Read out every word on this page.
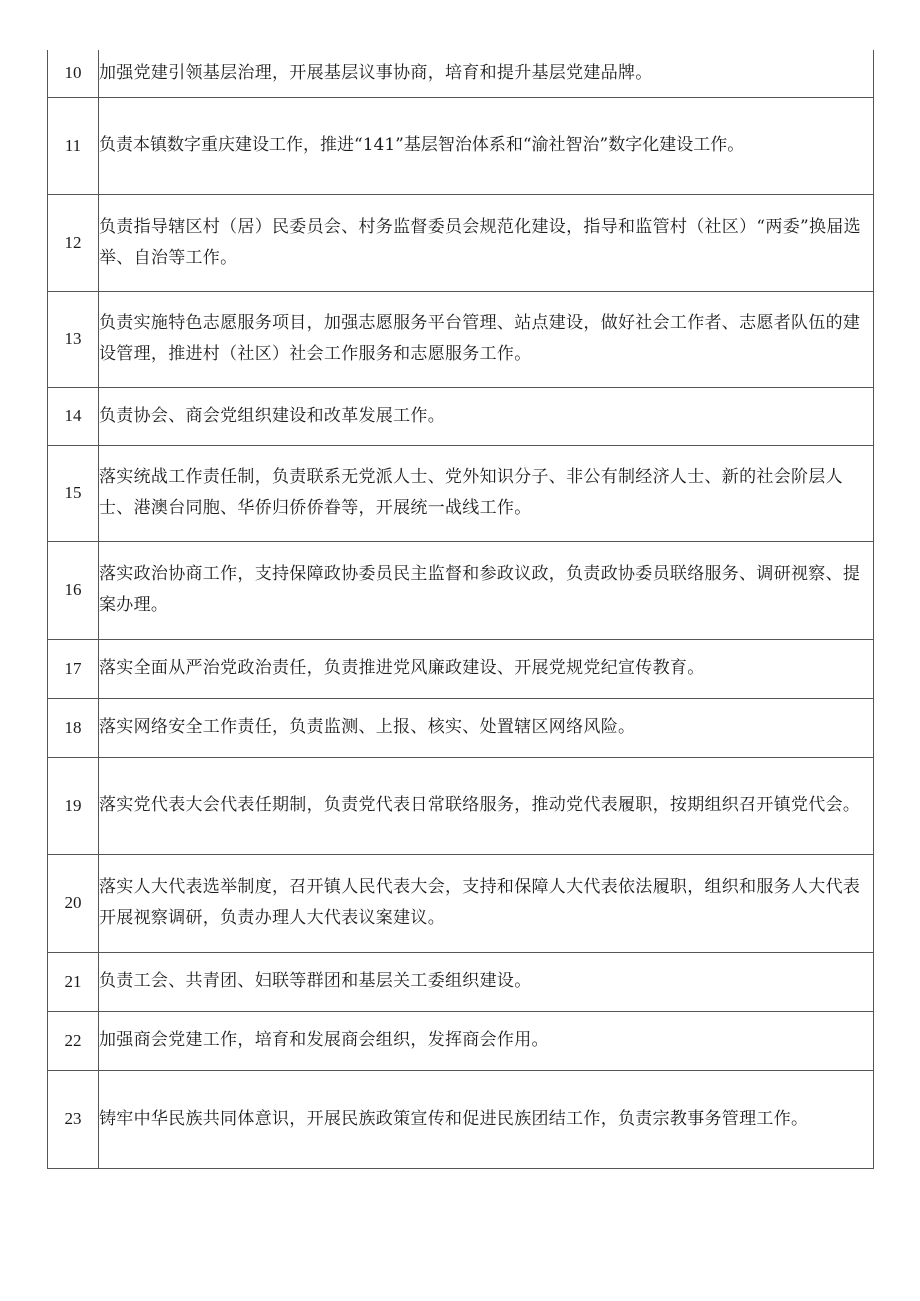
10	加强党建引领基层治理，开展基层议事协商，培育和提升基层党建品牌。
11	负责本镇数字重庆建设工作，推进“141”基层智治体系和“渝社智治”数字化建设工作。
12	负责指导辖区村（居）民委员会、村务监督委员会规范化建设，指导和监管村（社区）“两委”换届选举、自治等工作。
13	负责实施特色志愿服务项目，加强志愿服务平台管理、站点建设，做好社会工作者、志愿者队伍的建设管理，推进村（社区）社会工作服务和志愿服务工作。
14	负责协会、商会党组织建设和改革发展工作。
15	落实统战工作责任制，负责联系无党派人士、党外知识分子、非公有制经济人士、新的社会阶层人士、港澳台同胞、华侨归侨侨眷等，开展统一战线工作。
16	落实政治协商工作，支持保障政协委员民主监督和参政议政，负责政协委员联络服务、调研视察、提案办理。
17	落实全面从严治党政治责任，负责推进党风廉政建设、开展党规党纪宣传教育。
18	落实网络安全工作责任，负责监测、上报、核实、处置辖区网络风险。
19	落实党代表大会代表任期制，负责党代表日常联络服务，推动党代表履职，按期组织召开镇党代会。
20	落实人大代表选举制度，召开镇人民代表大会，支持和保障人大代表依法履职，组织和服务人大代表开展视察调研，负责办理人大代表议案建议。
21	负责工会、共青团、妇联等群团和基层关工委组织建设。
22	加强商会党建工作，培育和发展商会组织，发挥商会作用。
23	铸牢中华民族共同体意识，开展民族政策宣传和促进民族团结工作，负责宗教事务管理工作。
